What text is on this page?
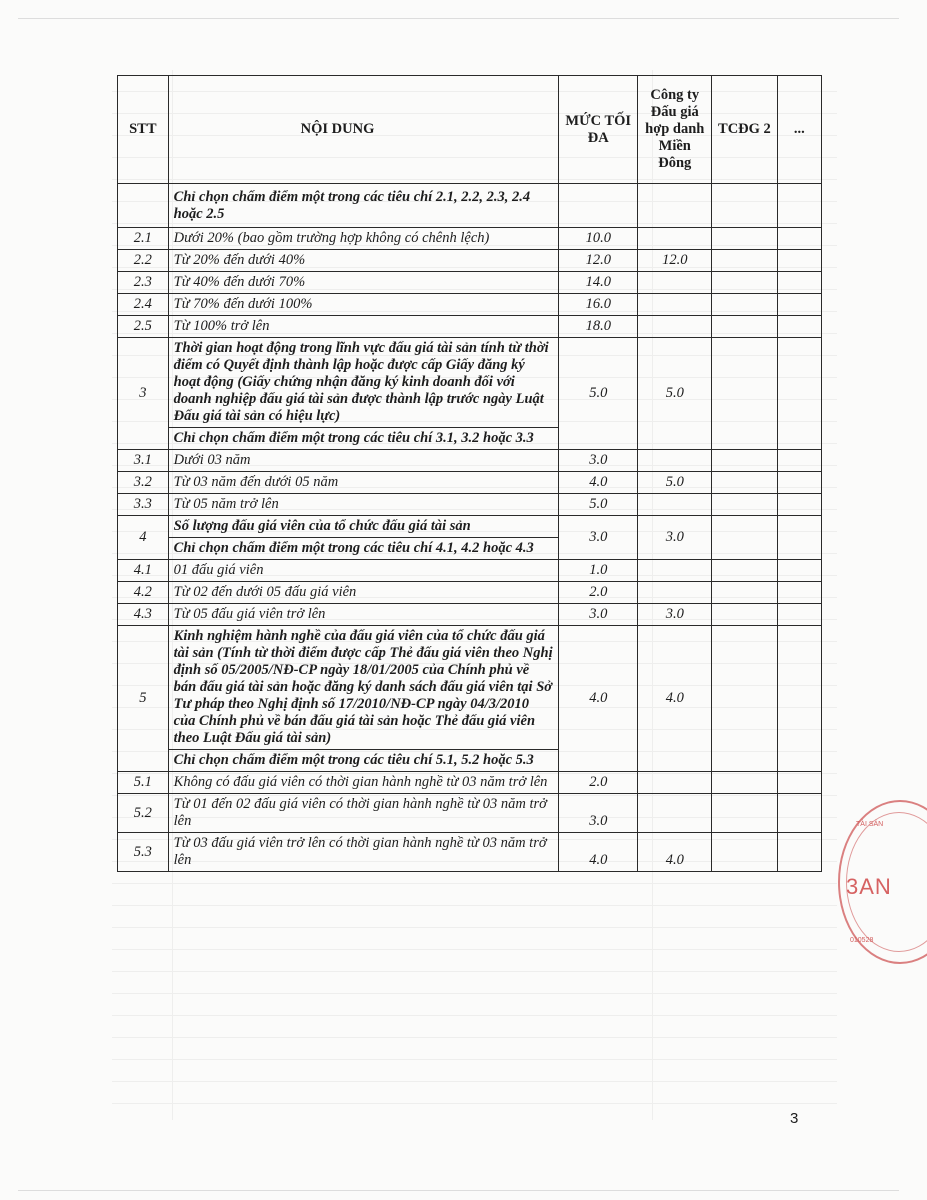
STT	NỘI DUNG	MỨC TỐI ĐA	Công ty Đấu giá hợp danh Miền Đông	TCĐG 2	...
	Chỉ chọn chấm điểm một trong các tiêu chí 2.1, 2.2, 2.3, 2.4 hoặc 2.5				
2.1	Dưới 20% (bao gồm trường hợp không có chênh lệch)	10.0			
2.2	Từ 20% đến dưới 40%	12.0	12.0		
2.3	Từ 40% đến dưới 70%	14.0			
2.4	Từ 70% đến dưới 100%	16.0			
2.5	Từ 100% trở lên	18.0			
3	Thời gian hoạt động trong lĩnh vực đấu giá tài sản tính từ thời điểm có Quyết định thành lập hoặc được cấp Giấy đăng ký hoạt động (Giấy chứng nhận đăng ký kinh doanh đối với doanh nghiệp đấu giá tài sản được thành lập trước ngày Luật Đấu giá tài sản có hiệu lực)	5.0	5.0		
	Chỉ chọn chấm điểm một trong các tiêu chí 3.1, 3.2 hoặc 3.3				
3.1	Dưới 03 năm	3.0			
3.2	Từ 03 năm đến dưới 05 năm	4.0	5.0		
3.3	Từ 05 năm trở lên	5.0			
4	Số lượng đấu giá viên của tổ chức đấu giá tài sản	3.0	3.0		
	Chỉ chọn chấm điểm một trong các tiêu chí 4.1, 4.2 hoặc 4.3				
4.1	01 đấu giá viên	1.0			
4.2	Từ 02 đến dưới 05 đấu giá viên	2.0			
4.3	Từ 05 đấu giá viên trở lên	3.0	3.0		
5	Kinh nghiệm hành nghề của đấu giá viên của tổ chức đấu giá tài sản (Tính từ thời điểm được cấp Thẻ đấu giá viên theo Nghị định số 05/2005/NĐ-CP ngày 18/01/2005 của Chính phủ về bán đấu giá tài sản hoặc đăng ký danh sách đấu giá viên tại Sở Tư pháp theo Nghị định số 17/2010/NĐ-CP ngày 04/3/2010 của Chính phủ về bán đấu giá tài sản hoặc Thẻ đấu giá viên theo Luật Đấu giá tài sản)	4.0	4.0		
	Chỉ chọn chấm điểm một trong các tiêu chí 5.1, 5.2 hoặc 5.3				
5.1	Không có đấu giá viên có thời gian hành nghề từ 03 năm trở lên	2.0			
5.2	Từ 01 đến 02 đấu giá viên có thời gian hành nghề từ 03 năm trở lên	3.0			
5.3	Từ 03 đấu giá viên trở lên có thời gian hành nghề từ 03 năm trở lên	4.0	4.0		
TÀI SẢN
3AN
010528
3
